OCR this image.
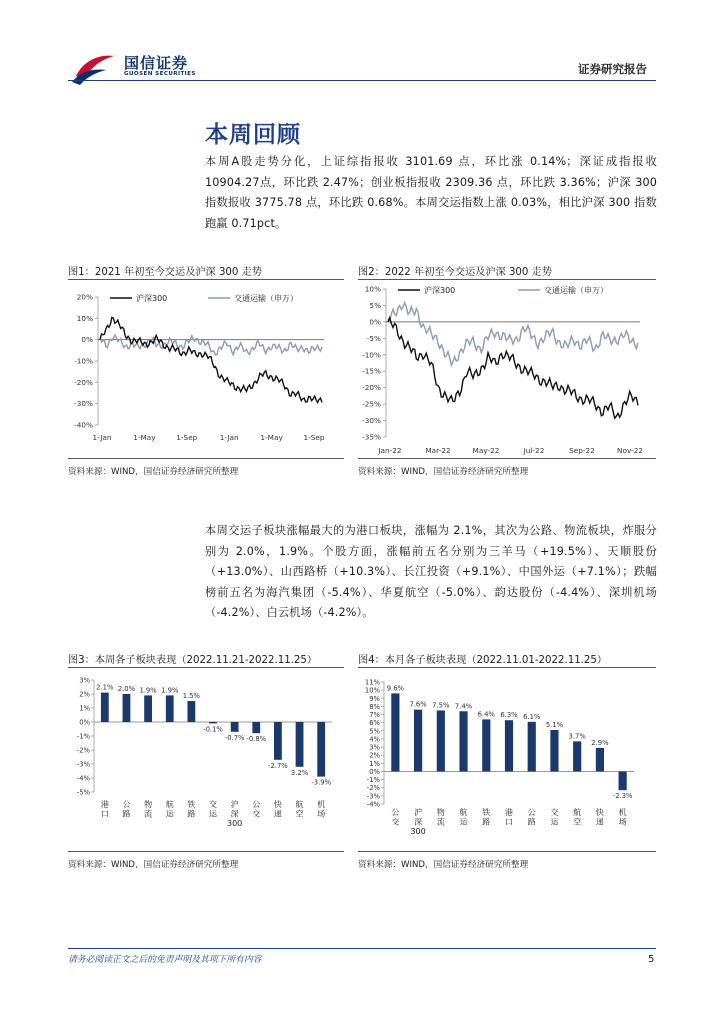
国信证券
GUOSEN SECURITIES	证券研究报告
本周回顾
本周A股走势分化，上证综指报收 3101.69 点，环比涨 0.14%；深证成指报收 10904.27点，环比跌 2.47%；创业板指报收 2309.36 点，环比跌 3.36%；沪深 300 指数报收 3775.78 点，环比跌 0.68%。本周交运指数上涨 0.03%，相比沪深 300 指数跑赢 0.71pct。
图1：2021 年初至今交运及沪深 300 走势
20%
10%
0%
-10%
-20%
-30%
-40%
1-Jan	1-May	1-Sep	1-Jan	1-May	1-Sep
沪深300	交通运输（申万）
资料来源：WIND，国信证券经济研究所整理
图2：2022 年初至今交运及沪深 300 走势
10%
5%
0%
-5%
-10%
-15%
-20%
-25%
-30%
-35%
Jan-22	Mar-22	May-22	Jul-22	Sep-22	Nov-22
沪深300	交通运输（申万）
资料来源：WIND，国信证券经济研究所整理
本周交运子板块涨幅最大的为港口板块，涨幅为 2.1%，其次为公路、物流板块，炸服分别为 2.0%，1.9%。个股方面，涨幅前五名分别为三羊马（+19.5%）、天顺股份（+13.0%）、山西路桥（+10.3%）、长江投资（+9.1%）、中国外运（+7.1%）；跌幅榜前五名为海汽集团（-5.4%）、华夏航空（-5.0%）、韵达股份（-4.4%）、深圳机场（-4.2%）、白云机场（-4.2%）。
图3：本周各子板块表现（2022.11.21-2022.11.25）
3%
2%
1%
0%
-1%
-2%
-3%
-4%
-5%
2.1%
港
口
2.0%
公
路
1.9%
物
流
1.9%
航
运
1.5%
铁
路
-0.1%
交
运
-0.7%
沪
深
300
-0.8%
公
交
-2.7%
快
递
3.2%
航
空
-3.9%
机
场
资料来源：WIND，国信证券经济研究所整理
图4：本月各子板块表现（2022.11.01-2022.11.25）
11%
10%
9%
8%
7%
6%
5%
4%
3%
2%
1%
0%
-1%
-2%
-3%
-4%
9.6%
公
交
7.6%
沪
深
300
7.5%
物
流
7.4%
航
运
6.4%
铁
路
6.3%
港
口
6.1%
公
路
5.1%
交
运
3.7%
航
空
2.9%
快
递
-2.3%
机
场
资料来源：WIND，国信证券经济研究所整理
请务必阅读正文之后的免责声明及其项下所有内容	5
